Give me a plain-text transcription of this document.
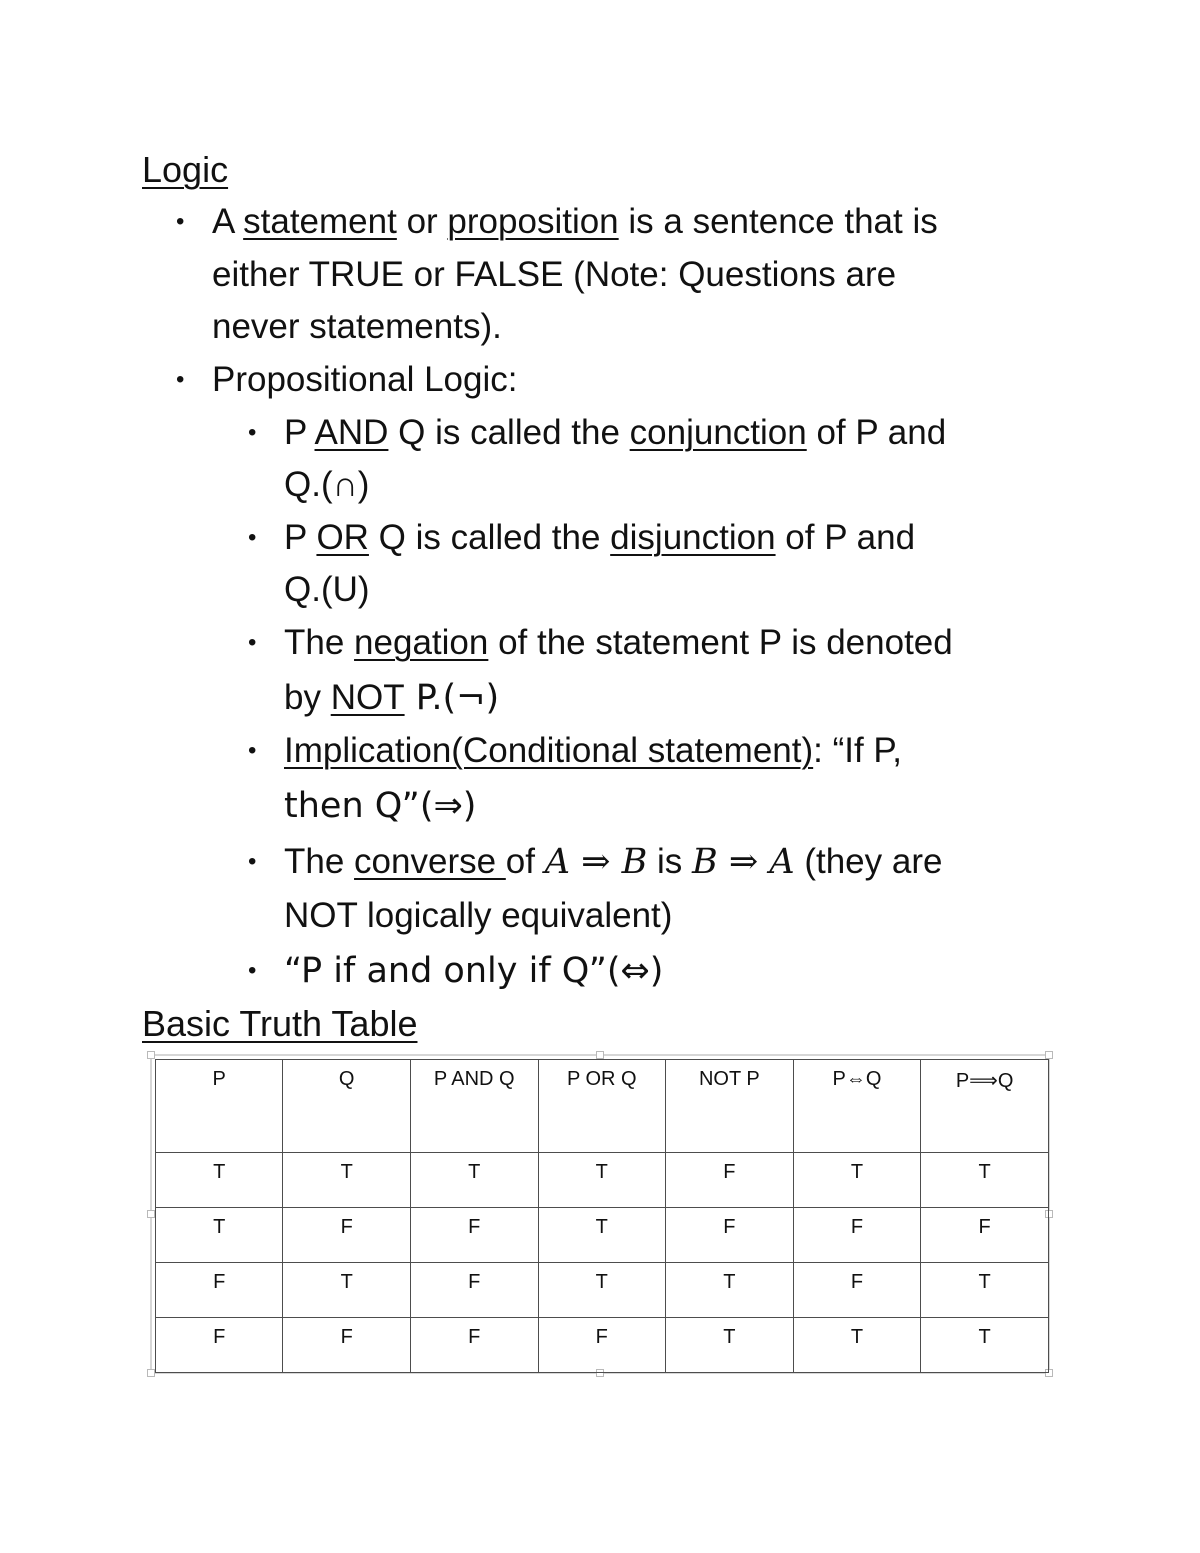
Logic
• A statement or proposition is a sentence that is
either TRUE or FALSE (Note: Questions are
never statements).
• Propositional Logic:
• P AND Q is called the conjunction of P and
Q.(∩)
• P OR Q is called the disjunction of P and
Q.(U)
• The negation of the statement P is denoted
by NOT P.(¬)
• Implication(Conditional statement): “If P,
then Q”(⇒)
• The converse of A ⇒ B is B ⇒ A (they are
NOT logically equivalent)
• “P if and only if Q”(⇔)
Basic Truth Table
P	Q	P AND Q	P OR Q	NOT P	P⇔Q	P⟹Q
T	T	T	T	F	T	T
T	F	F	T	F	F	F
F	T	F	T	T	F	T
F	F	F	F	T	T	T
